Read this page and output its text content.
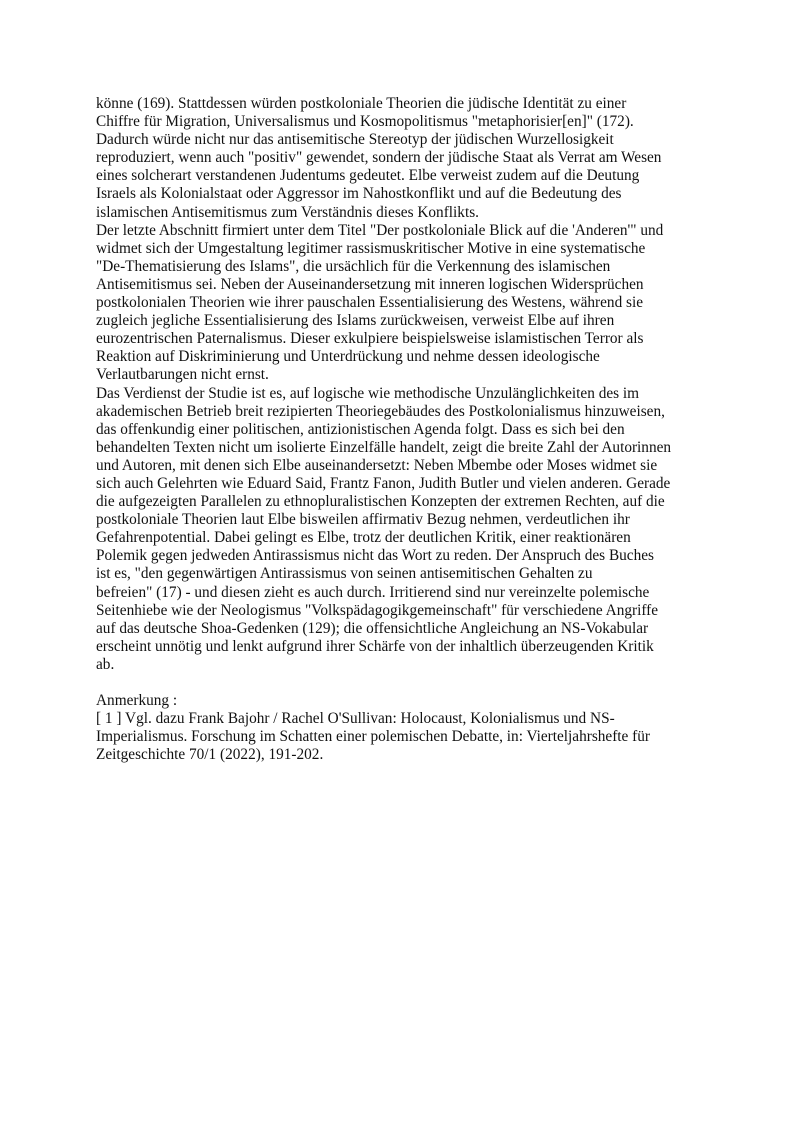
könne (169). Stattdessen würden postkoloniale Theorien die jüdische Identität zu einer
Chiffre für Migration, Universalismus und Kosmopolitismus "metaphorisier[en]" (172).
Dadurch würde nicht nur das antisemitische Stereotyp der jüdischen Wurzellosigkeit
reproduziert, wenn auch "positiv" gewendet, sondern der jüdische Staat als Verrat am Wesen
eines solcherart verstandenen Judentums gedeutet. Elbe verweist zudem auf die Deutung
Israels als Kolonialstaat oder Aggressor im Nahostkonflikt und auf die Bedeutung des
islamischen Antisemitismus zum Verständnis dieses Konflikts.
Der letzte Abschnitt firmiert unter dem Titel "Der postkoloniale Blick auf die 'Anderen'" und
widmet sich der Umgestaltung legitimer rassismuskritischer Motive in eine systematische
"De-Thematisierung des Islams", die ursächlich für die Verkennung des islamischen
Antisemitismus sei. Neben der Auseinandersetzung mit inneren logischen Widersprüchen
postkolonialen Theorien wie ihrer pauschalen Essentialisierung des Westens, während sie
zugleich jegliche Essentialisierung des Islams zurückweisen, verweist Elbe auf ihren
eurozentrischen Paternalismus. Dieser exkulpiere beispielsweise islamistischen Terror als
Reaktion auf Diskriminierung und Unterdrückung und nehme dessen ideologische
Verlautbarungen nicht ernst.
Das Verdienst der Studie ist es, auf logische wie methodische Unzulänglichkeiten des im
akademischen Betrieb breit rezipierten Theoriegebäudes des Postkolonialismus hinzuweisen,
das offenkundig einer politischen, antizionistischen Agenda folgt. Dass es sich bei den
behandelten Texten nicht um isolierte Einzelfälle handelt, zeigt die breite Zahl der Autorinnen
und Autoren, mit denen sich Elbe auseinandersetzt: Neben Mbembe oder Moses widmet sie
sich auch Gelehrten wie Eduard Said, Frantz Fanon, Judith Butler und vielen anderen. Gerade
die aufgezeigten Parallelen zu ethnopluralistischen Konzepten der extremen Rechten, auf die
postkoloniale Theorien laut Elbe bisweilen affirmativ Bezug nehmen, verdeutlichen ihr
Gefahrenpotential. Dabei gelingt es Elbe, trotz der deutlichen Kritik, einer reaktionären
Polemik gegen jedweden Antirassismus nicht das Wort zu reden. Der Anspruch des Buches
ist es, "den gegenwärtigen Antirassismus von seinen antisemitischen Gehalten zu
befreien" (17) - und diesen zieht es auch durch. Irritierend sind nur vereinzelte polemische
Seitenhiebe wie der Neologismus "Volkspädagogikgemeinschaft" für verschiedene Angriffe
auf das deutsche Shoa-Gedenken (129); die offensichtliche Angleichung an NS-Vokabular
erscheint unnötig und lenkt aufgrund ihrer Schärfe von der inhaltlich überzeugenden Kritik
ab.
Anmerkung :
[ 1 ] Vgl. dazu Frank Bajohr / Rachel O'Sullivan: Holocaust, Kolonialismus und NS-
Imperialismus. Forschung im Schatten einer polemischen Debatte, in: Vierteljahrshefte für
Zeitgeschichte 70/1 (2022), 191-202.
